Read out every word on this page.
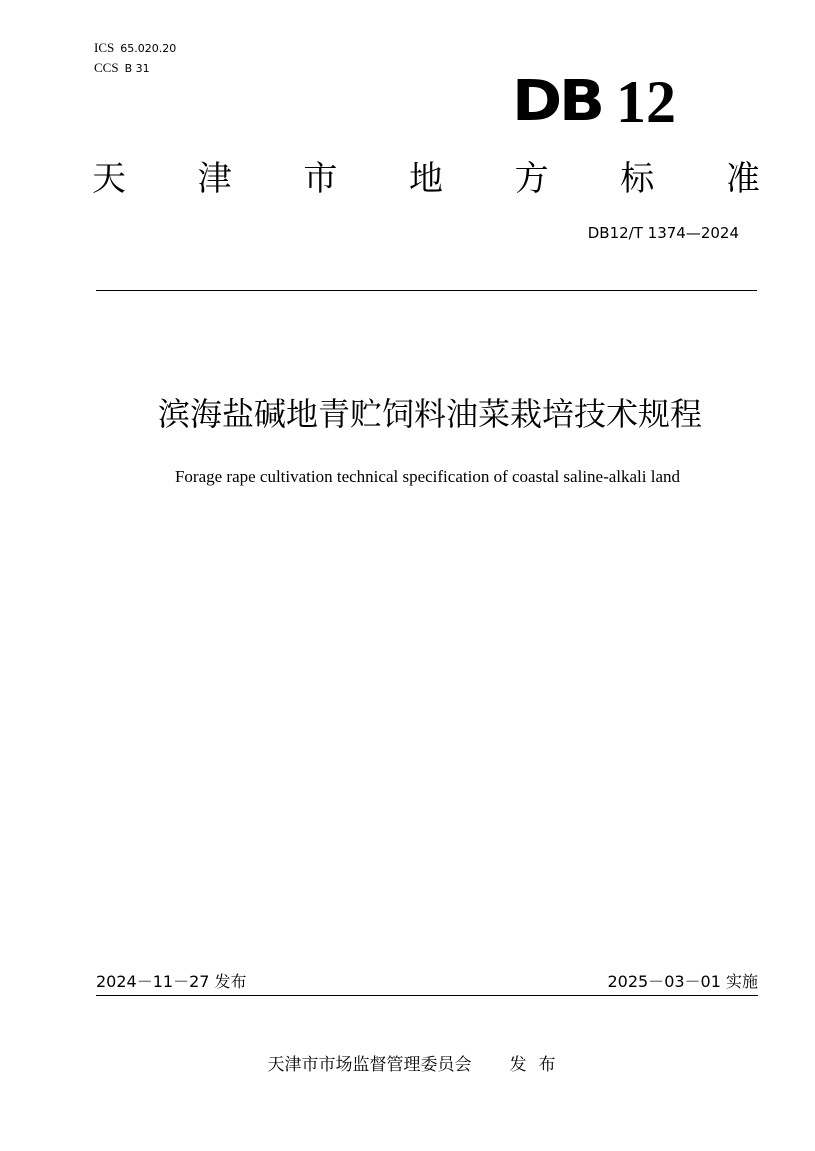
ICS 65.020.20
CCS B 31
DB 12
天 津 市 地 方 标 准
DB12/T 1374—2024
滨海盐碱地青贮饲料油菜栽培技术规程
Forage rape cultivation technical specification of coastal saline-alkali land
2024－11－27 发布	2025－03－01 实施
天津市市场监督管理委员会 发布
